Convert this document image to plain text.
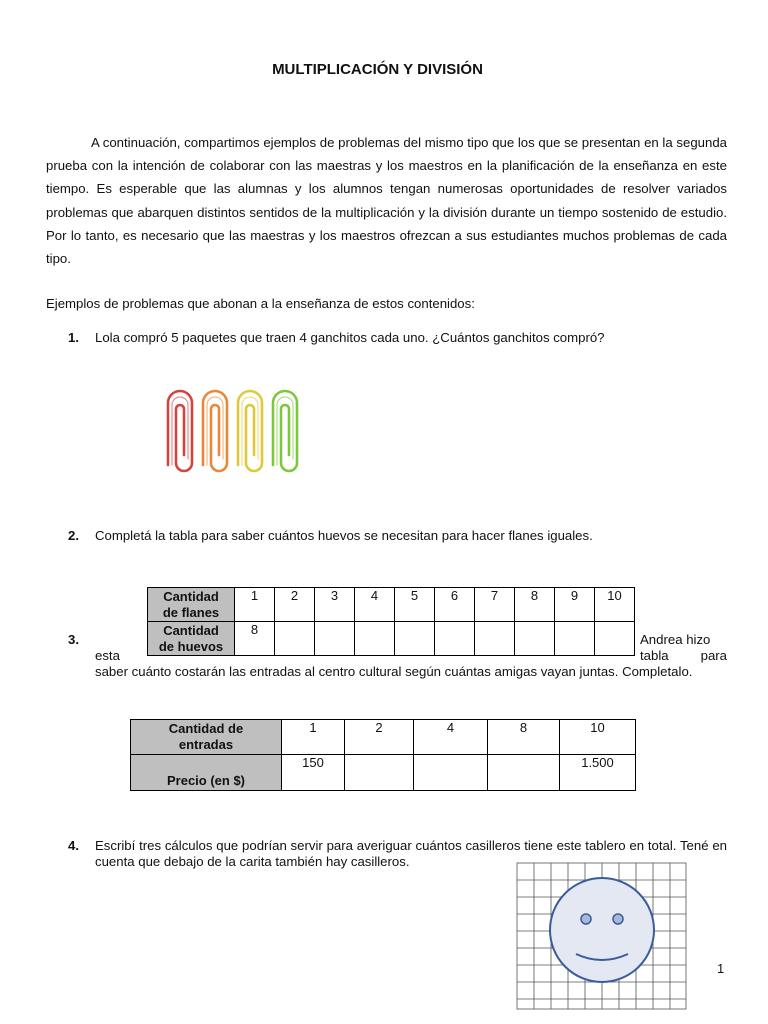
MULTIPLICACIÓN Y DIVISIÓN

A continuación, compartimos ejemplos de problemas del mismo tipo que los que se presentan en la segunda prueba con la intención de colaborar con las maestras y los maestros en la planificación de la enseñanza en este tiempo. Es esperable que las alumnas y los alumnos tengan numerosas oportunidades de resolver variados problemas que abarquen distintos sentidos de la multiplicación y la división durante un tiempo sostenido de estudio. Por lo tanto, es necesario que las maestras y los maestros ofrezcan a sus estudiantes muchos problemas de cada tipo.

Ejemplos de problemas que abonan a la enseñanza de estos contenidos:

1. Lola compró 5 paquetes que traen 4 ganchitos cada uno. ¿Cuántos ganchitos compró?
2. Completá la tabla para saber cuántos huevos se necesitan para hacer flanes iguales.
Cantidad
de flanes	1	2	3	4	5	6	7	8	9	10
Cantidad
de huevos	8									
3.	Andrea hizo
esta	tabla para
saber cuánto costarán las entradas al centro cultural según cuántas amigas vayan juntas. Completalo.
Cantidad de
entradas	1	2	4	8	10
Precio (en $)	150				1.500
4. Escribí tres cálculos que podrían servir para averiguar cuántos casilleros tiene este tablero en total. Tené en cuenta que debajo de la carita también hay casilleros.
1
